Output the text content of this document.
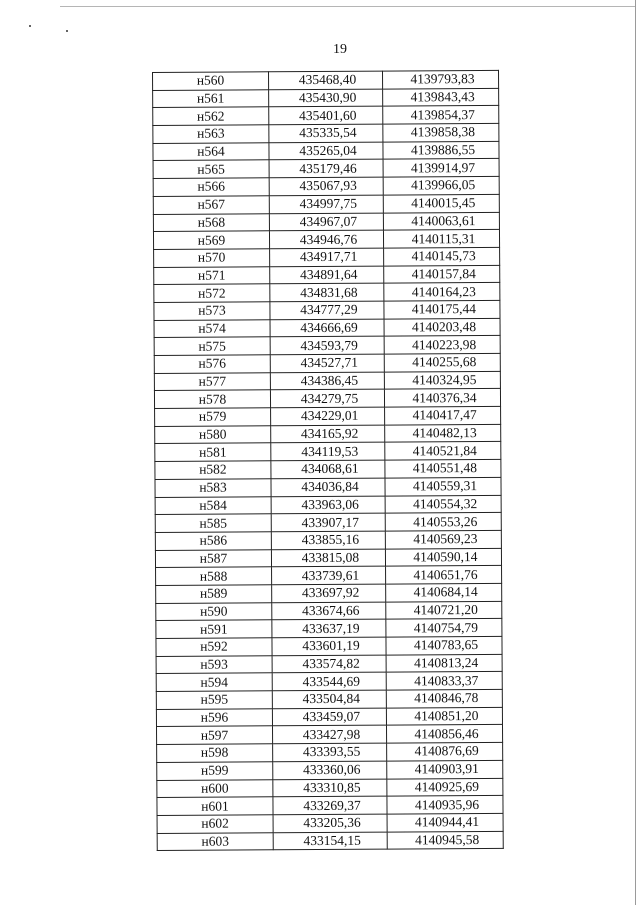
19
н560	435468,40	4139793,83
н561	435430,90	4139843,43
н562	435401,60	4139854,37
н563	435335,54	4139858,38
н564	435265,04	4139886,55
н565	435179,46	4139914,97
н566	435067,93	4139966,05
н567	434997,75	4140015,45
н568	434967,07	4140063,61
н569	434946,76	4140115,31
н570	434917,71	4140145,73
н571	434891,64	4140157,84
н572	434831,68	4140164,23
н573	434777,29	4140175,44
н574	434666,69	4140203,48
н575	434593,79	4140223,98
н576	434527,71	4140255,68
н577	434386,45	4140324,95
н578	434279,75	4140376,34
н579	434229,01	4140417,47
н580	434165,92	4140482,13
н581	434119,53	4140521,84
н582	434068,61	4140551,48
н583	434036,84	4140559,31
н584	433963,06	4140554,32
н585	433907,17	4140553,26
н586	433855,16	4140569,23
н587	433815,08	4140590,14
н588	433739,61	4140651,76
н589	433697,92	4140684,14
н590	433674,66	4140721,20
н591	433637,19	4140754,79
н592	433601,19	4140783,65
н593	433574,82	4140813,24
н594	433544,69	4140833,37
н595	433504,84	4140846,78
н596	433459,07	4140851,20
н597	433427,98	4140856,46
н598	433393,55	4140876,69
н599	433360,06	4140903,91
н600	433310,85	4140925,69
н601	433269,37	4140935,96
н602	433205,36	4140944,41
н603	433154,15	4140945,58
